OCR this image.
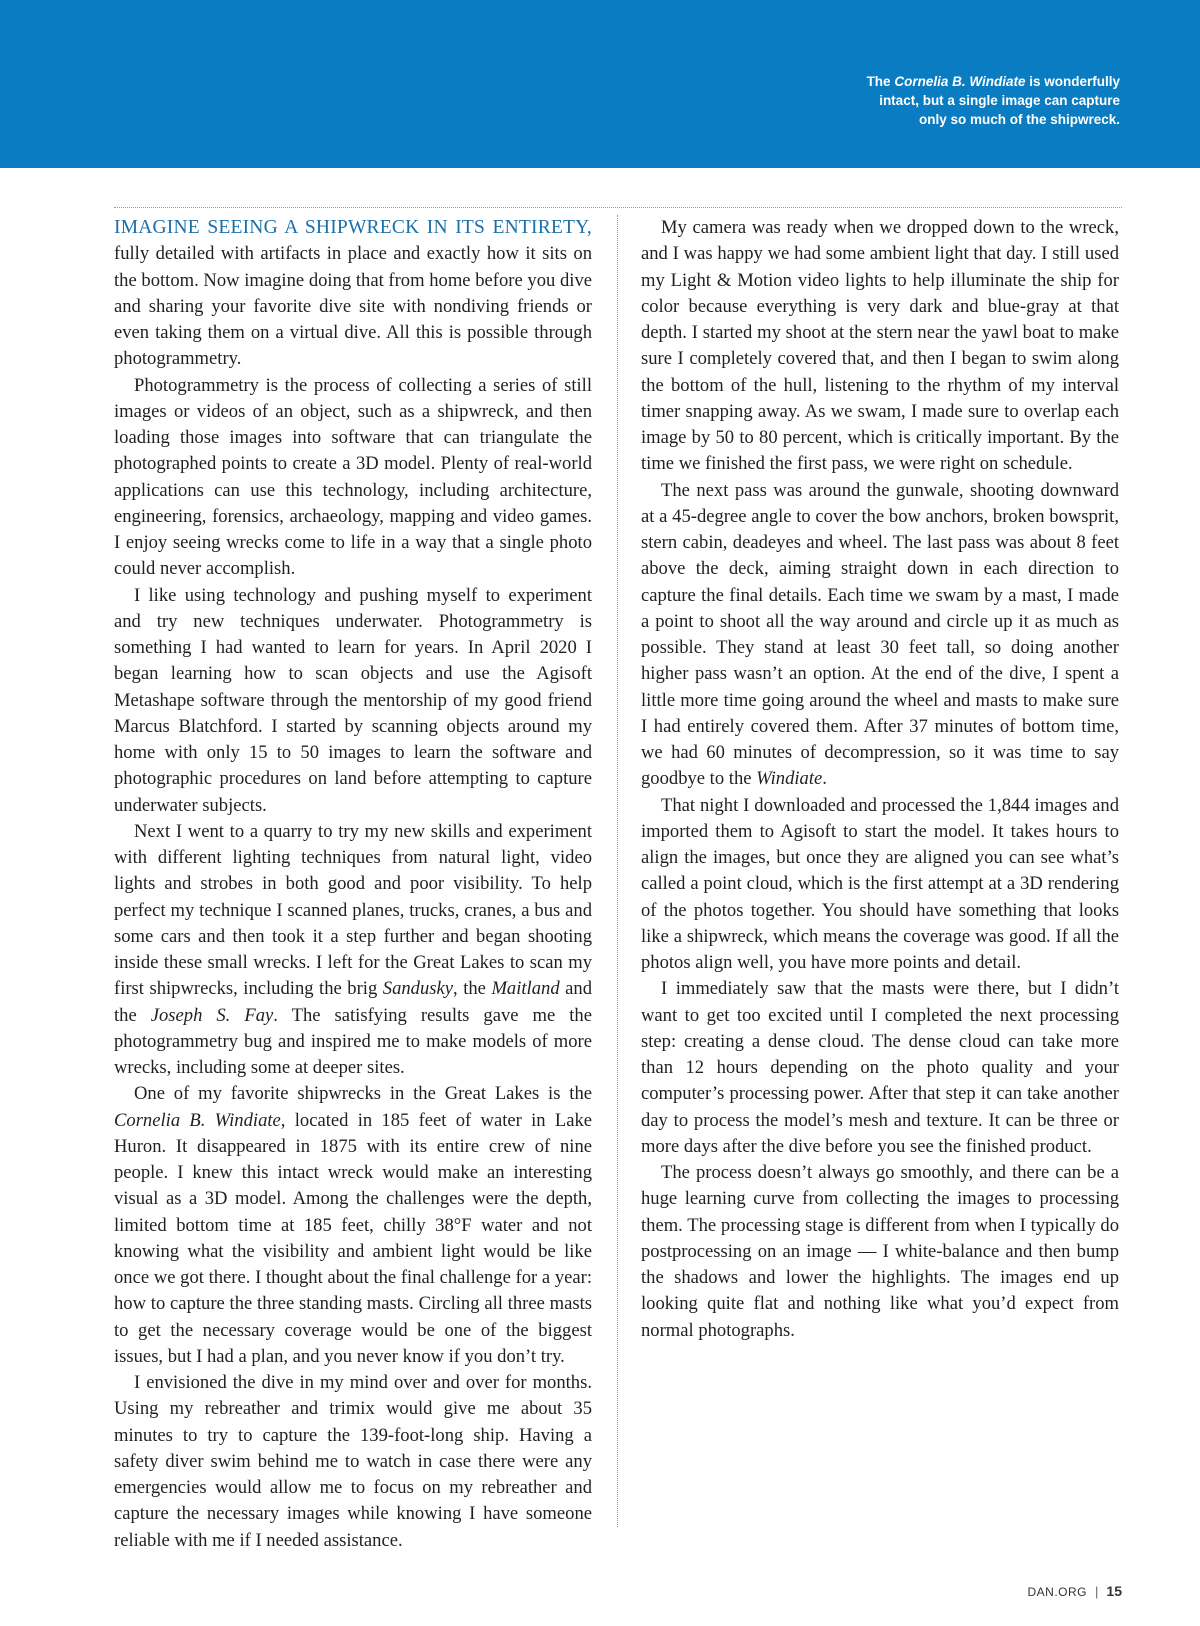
The Cornelia B. Windiate is wonderfully intact, but a single image can capture only so much of the shipwreck.

IMAGINE SEEING A SHIPWRECK IN ITS ENTIRETY, fully detailed with artifacts in place and exactly how it sits on the bottom. Now imagine doing that from home before you dive and sharing your favorite dive site with nondiving friends or even taking them on a virtual dive. All this is possible through photogrammetry.

Photogrammetry is the process of collecting a series of still images or videos of an object, such as a shipwreck, and then loading those images into software that can triangulate the photographed points to create a 3D model. Plenty of real-world applications can use this technology, including architecture, engineering, forensics, archaeology, mapping and video games. I enjoy seeing wrecks come to life in a way that a single photo could never accomplish.

I like using technology and pushing myself to experiment and try new techniques underwater. Photogrammetry is something I had wanted to learn for years. In April 2020 I began learning how to scan objects and use the Agisoft Metashape software through the mentorship of my good friend Marcus Blatchford. I started by scanning objects around my home with only 15 to 50 images to learn the software and photographic procedures on land before attempting to capture underwater subjects.

Next I went to a quarry to try my new skills and experiment with different lighting techniques from natural light, video lights and strobes in both good and poor visibility. To help perfect my technique I scanned planes, trucks, cranes, a bus and some cars and then took it a step further and began shooting inside these small wrecks. I left for the Great Lakes to scan my first shipwrecks, including the brig Sandusky, the Maitland and the Joseph S. Fay. The satisfying results gave me the photogrammetry bug and inspired me to make models of more wrecks, including some at deeper sites.

One of my favorite shipwrecks in the Great Lakes is the Cornelia B. Windiate, located in 185 feet of water in Lake Huron. It disappeared in 1875 with its entire crew of nine people. I knew this intact wreck would make an interesting visual as a 3D model. Among the challenges were the depth, limited bottom time at 185 feet, chilly 38°F water and not knowing what the visibility and ambient light would be like once we got there. I thought about the final challenge for a year: how to capture the three standing masts. Circling all three masts to get the necessary coverage would be one of the biggest issues, but I had a plan, and you never know if you don’t try.

I envisioned the dive in my mind over and over for months. Using my rebreather and trimix would give me about 35 minutes to try to capture the 139-foot-long ship. Having a safety diver swim behind me to watch in case there were any emergencies would allow me to focus on my rebreather and capture the necessary images while knowing I have someone reliable with me if I needed assistance.

My camera was ready when we dropped down to the wreck, and I was happy we had some ambient light that day. I still used my Light & Motion video lights to help illuminate the ship for color because everything is very dark and blue-gray at that depth. I started my shoot at the stern near the yawl boat to make sure I completely covered that, and then I began to swim along the bottom of the hull, listening to the rhythm of my interval timer snapping away. As we swam, I made sure to overlap each image by 50 to 80 percent, which is critically important. By the time we finished the first pass, we were right on schedule.

The next pass was around the gunwale, shooting downward at a 45-degree angle to cover the bow anchors, broken bowsprit, stern cabin, deadeyes and wheel. The last pass was about 8 feet above the deck, aiming straight down in each direction to capture the final details. Each time we swam by a mast, I made a point to shoot all the way around and circle up it as much as possible. They stand at least 30 feet tall, so doing another higher pass wasn’t an option. At the end of the dive, I spent a little more time going around the wheel and masts to make sure I had entirely covered them. After 37 minutes of bottom time, we had 60 minutes of decompression, so it was time to say goodbye to the Windiate.

That night I downloaded and processed the 1,844 images and imported them to Agisoft to start the model. It takes hours to align the images, but once they are aligned you can see what’s called a point cloud, which is the first attempt at a 3D rendering of the photos together. You should have something that looks like a shipwreck, which means the coverage was good. If all the photos align well, you have more points and detail.

I immediately saw that the masts were there, but I didn’t want to get too excited until I completed the next processing step: creating a dense cloud. The dense cloud can take more than 12 hours depending on the photo quality and your computer’s processing power. After that step it can take another day to process the model’s mesh and texture. It can be three or more days after the dive before you see the finished product.

The process doesn’t always go smoothly, and there can be a huge learning curve from collecting the images to processing them. The processing stage is different from when I typically do postprocessing on an image — I white-balance and then bump the shadows and lower the highlights. The images end up looking quite flat and nothing like what you’d expect from normal photographs.

DAN.ORG | 15
